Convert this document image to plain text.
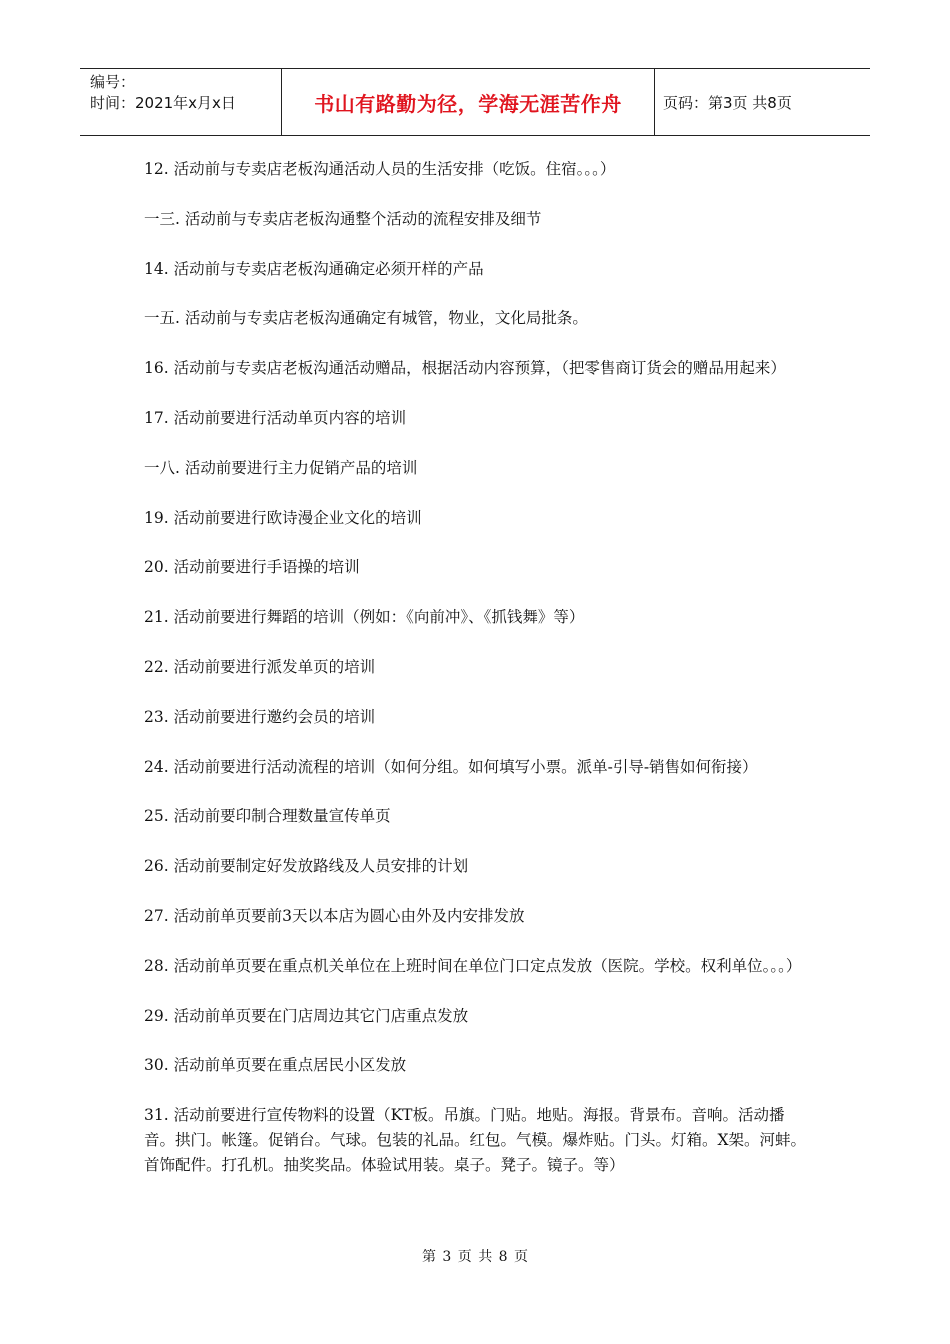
编号：
时间：2021年x月x日	书山有路勤为径，学海无涯苦作舟	页码：第3页 共8页

12. 活动前与专卖店老板沟通活动人员的生活安排（吃饭。住宿。。。）

一三. 活动前与专卖店老板沟通整个活动的流程安排及细节

14. 活动前与专卖店老板沟通确定必须开样的产品

一五. 活动前与专卖店老板沟通确定有城管，物业，文化局批条。

16. 活动前与专卖店老板沟通活动赠品，根据活动内容预算，（把零售商订货会的赠品用起来）

17. 活动前要进行活动单页内容的培训

一八. 活动前要进行主力促销产品的培训

19. 活动前要进行欧诗漫企业文化的培训

20. 活动前要进行手语操的培训

21. 活动前要进行舞蹈的培训（例如：《向前冲》、《抓钱舞》等）

22. 活动前要进行派发单页的培训

23. 活动前要进行邀约会员的培训

24. 活动前要进行活动流程的培训（如何分组。如何填写小票。派单-引导-销售如何衔接）

25. 活动前要印制合理数量宣传单页

26. 活动前要制定好发放路线及人员安排的计划

27. 活动前单页要前3天以本店为圆心由外及内安排发放

28. 活动前单页要在重点机关单位在上班时间在单位门口定点发放（医院。学校。权利单位。。。）

29. 活动前单页要在门店周边其它门店重点发放

30. 活动前单页要在重点居民小区发放

31. 活动前要进行宣传物料的设置（KT板。吊旗。门贴。地贴。海报。背景布。音响。活动播音。拱门。帐篷。促销台。气球。包装的礼品。红包。气模。爆炸贴。门头。灯箱。X架。河蚌。首饰配件。打孔机。抽奖奖品。体验试用装。桌子。凳子。镜子。等）

第 3 页 共 8 页
